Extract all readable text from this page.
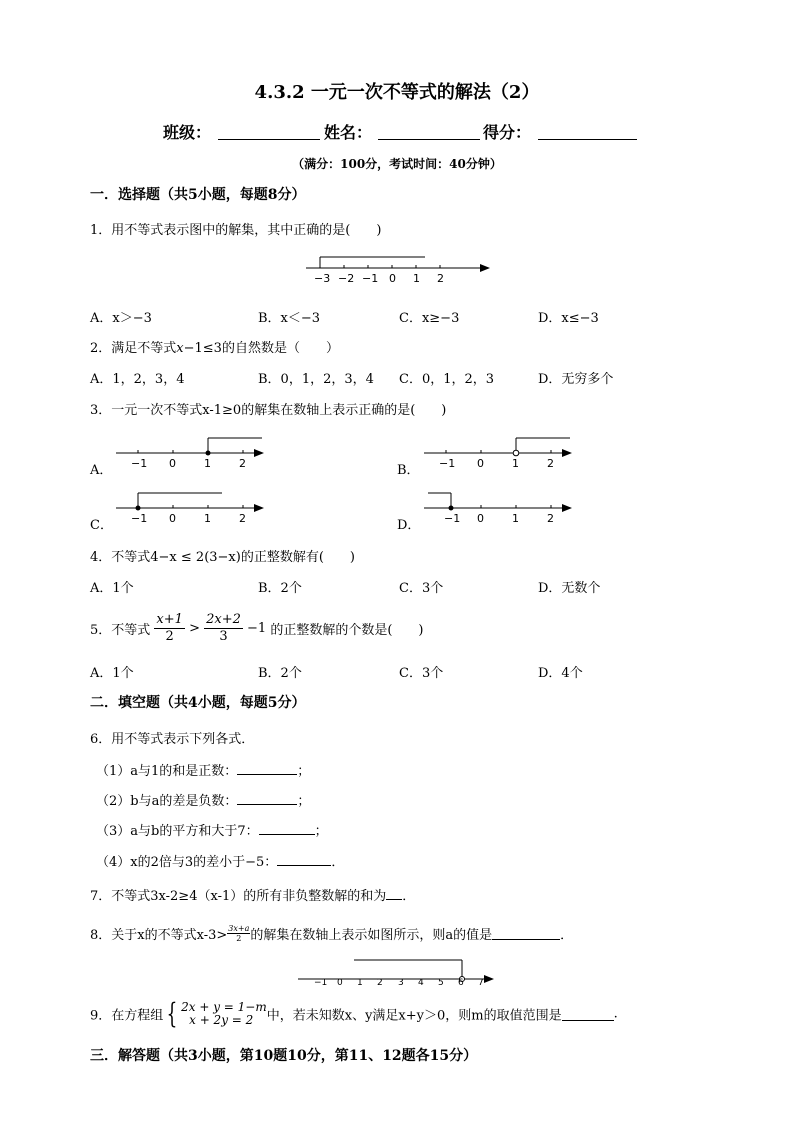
4.3.2 一元一次不等式的解法（2）
班级：	姓名：	得分：
（满分：100分，考试时间：40分钟）
一．选择题（共5小题，每题8分）
1．用不等式表示图中的解集，其中正确的是(　　)
−3 −2 −1 0 1 2
A．x＞−3	B．x＜−3	C．x≥−3	D．x≤−3
2．满足不等式x−1≤3的自然数是（　　）
A．1，2，3，4	B．0，1，2，3，4 C．0，1，2，3	D．无穷多个
3．一元一次不等式x-1≥0的解集在数轴上表示正确的是(　　)
A． −1 0	1	2	B． −1 0	1	2
C． −1 0	1	2	D． −1 0	1	2
4．不等式4−x ≤ 2(3−x)的正整数解有(　　)
A．1个	B．2个	C．3个	D．无数个
5．不等式 $\frac{x+1}{2} > \frac{2x+2}{3} -1$ 的正整数解的个数是(　　)
A．1个	B．2个	C．3个	D．4个
二．填空题（共4小题，每题5分）
6．用不等式表示下列各式．
（1）a与1的和是正数：	；
（2）b与a的差是负数：	；
（3）a与b的平方和大于7：	；
（4）x的2倍与3的差小于−5：	．
7．不等式3x-2≥4（x-1）的所有非负整数解的和为 ．
8．关于x的不等式$x-3> \frac{3x+a}{2}$ 的解集在数轴上表示如图所示，则a的值是	．
−1 0 1 2 3 4 5 6 7
9．在方程组 { 2x + y = 1−m
x + 2y = 2	中，若未知数x、y满足x+y＞0，则m的取值范围是	.
三．解答题（共3小题，第10题10分，第11、12题各15分）
